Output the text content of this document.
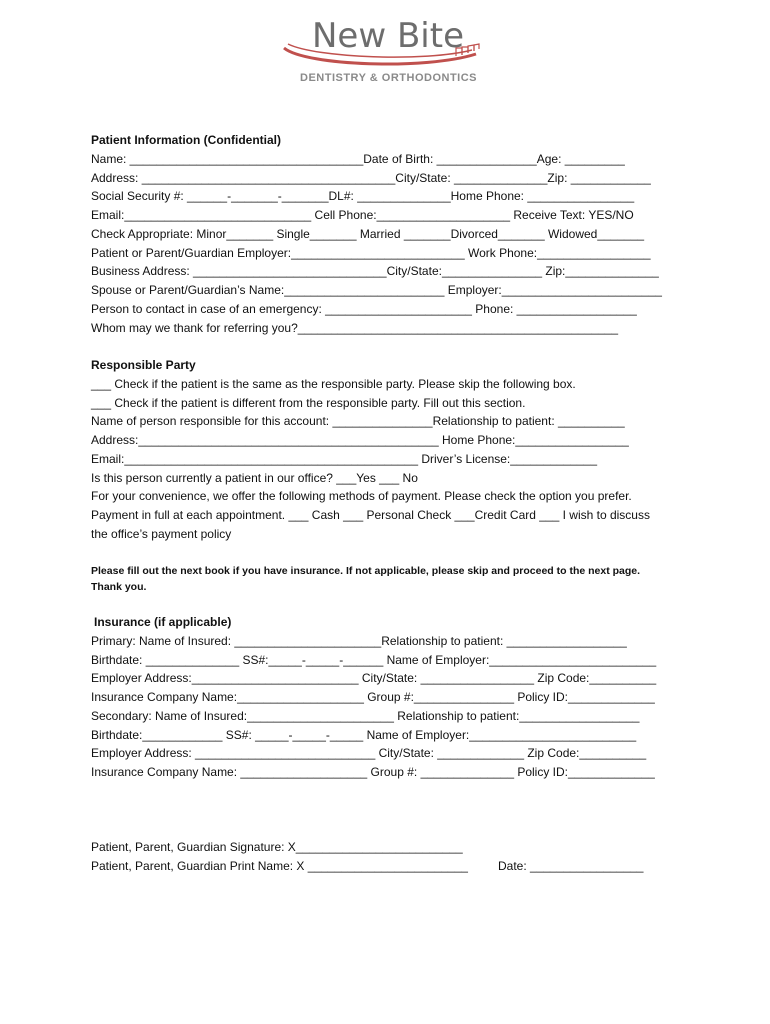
New Bite
DENTISTRY & ORTHODONTICS
Patient Information (Confidential)
Name: ___________________________________Date of Birth: _______________Age: _________
Address: ______________________________________City/State: ______________Zip: ____________
Social Security #: ______-_______-_______DL#: ______________Home Phone: ________________
Email:____________________________ Cell Phone:____________________ Receive Text: YES/NO
Check Appropriate: Minor_______ Single_______ Married _______Divorced_______ Widowed_______
Patient or Parent/Guardian Employer:__________________________ Work Phone:_________________
Business Address: _____________________________City/State:_______________ Zip:______________
Spouse or Parent/Guardian’s Name:________________________ Employer:________________________
Person to contact in case of an emergency: ______________________ Phone: __________________
Whom may we thank for referring you?________________________________________________
Responsible Party
___ Check if the patient is the same as the responsible party. Please skip the following box.
___ Check if the patient is different from the responsible party. Fill out this section.
Name of person responsible for this account: _______________Relationship to patient: __________
Address:_____________________________________________ Home Phone:_________________
Email:____________________________________________ Driver’s License:_____________
Is this person currently a patient in our office? ___Yes ___ No
For your convenience, we offer the following methods of payment. Please check the option you prefer.
Payment in full at each appointment. ___ Cash ___ Personal Check ___Credit Card ___ I wish to discuss
the office’s payment policy
Please fill out the next book if you have insurance. If not applicable, please skip and proceed to the next page.
Thank you.
Insurance (if applicable)
Primary: Name of Insured: ______________________Relationship to patient: __________________
Birthdate: ______________ SS#:_____-_____-______ Name of Employer:_________________________
Employer Address:_________________________ City/State: _________________ Zip Code:__________
Insurance Company Name:___________________ Group #:_______________ Policy ID:_____________
Secondary: Name of Insured:______________________ Relationship to patient:__________________
Birthdate:____________ SS#: _____-_____-_____ Name of Employer:_________________________
Employer Address: ___________________________ City/State: _____________ Zip Code:__________
Insurance Company Name: ___________________ Group #: ______________ Policy ID:_____________
Patient, Parent, Guardian Signature: X_________________________
Patient, Parent, Guardian Print Name: X ________________________	Date: _________________
